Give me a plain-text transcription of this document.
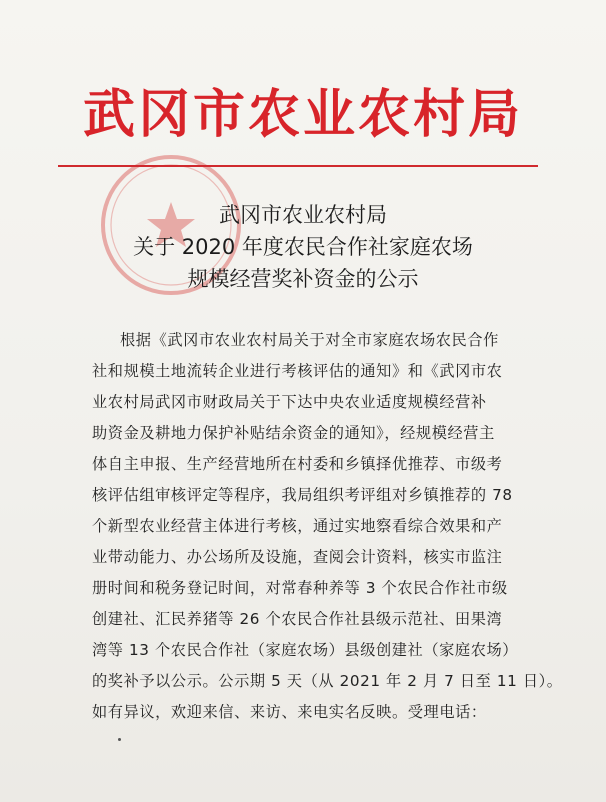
武冈市农业农村局
武冈市农业农村局
关于 2020 年度农民合作社家庭农场
规模经营奖补资金的公示
根据《武冈市农业农村局关于对全市家庭农场农民合作
社和规模土地流转企业进行考核评估的通知》和《武冈市农
业农村局武冈市财政局关于下达中央农业适度规模经营补
助资金及耕地力保护补贴结余资金的通知》，经规模经营主
体自主申报、生产经营地所在村委和乡镇择优推荐、市级考
核评估组审核评定等程序，我局组织考评组对乡镇推荐的 78
个新型农业经营主体进行考核，通过实地察看综合效果和产
业带动能力、办公场所及设施，查阅会计资料，核实市监注
册时间和税务登记时间，对常春种养等 3 个农民合作社市级
创建社、汇民养猪等 26 个农民合作社县级示范社、田果湾
湾等 13 个农民合作社（家庭农场）县级创建社（家庭农场）
的奖补予以公示。公示期 5 天（从 2021 年 2 月 7 日至 11 日）。
如有异议，欢迎来信、来访、来电实名反映。受理电话：
